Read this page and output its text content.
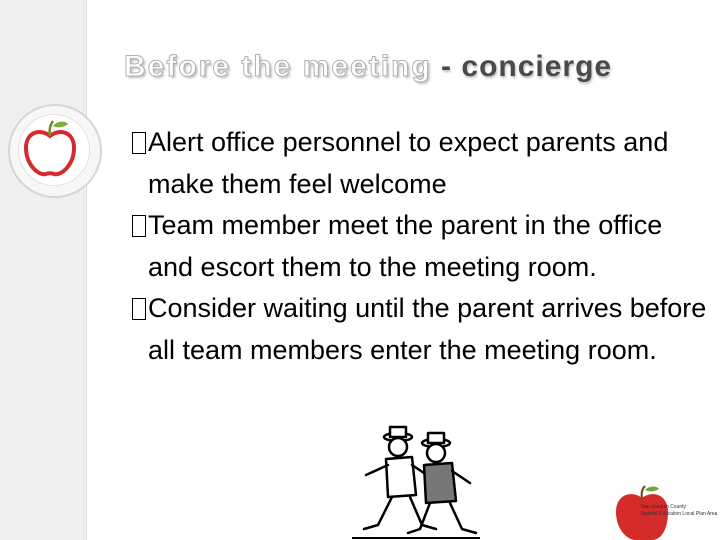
Before the meeting - concierge
Alert office personnel to expect parents and make them feel welcome
Team member meet the parent in the office and escort them to the meeting room.
Consider waiting until the parent arrives before all team members enter the meeting room.
San Joaquin County
Special Education Local Plan Area
